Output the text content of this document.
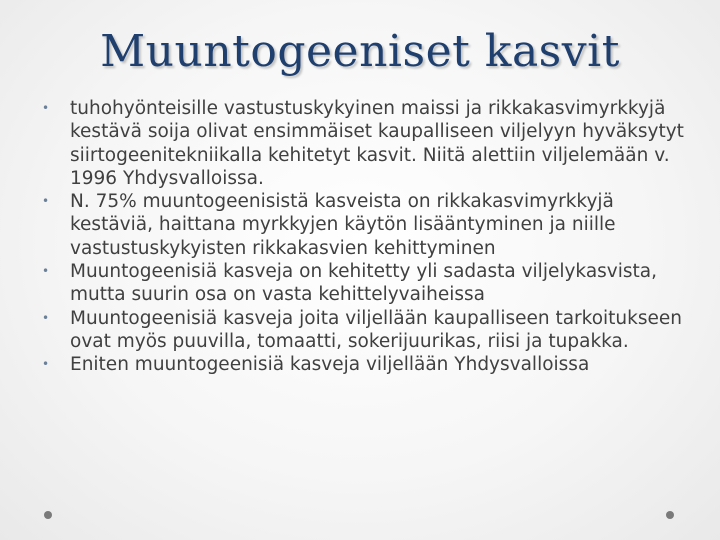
Muuntogeeniset kasvit
• tuhohyönteisille vastustuskykyinen maissi ja rikkakasvimyrkkyjä kestävä soija olivat ensimmäiset kaupalliseen viljelyyn hyväksytyt siirtogeenitekniikalla kehitetyt kasvit. Niitä alettiin viljelemään v. 1996 Yhdysvalloissa.
• N. 75% muuntogeenisistä kasveista on rikkakasvimyrkkyjä kestäviä, haittana myrkkyjen käytön lisääntyminen ja niille vastustuskykyisten rikkakasvien kehittyminen
• Muuntogeenisiä kasveja on kehitetty yli sadasta viljelykasvista, mutta suurin osa on vasta kehittelyvaiheissa
• Muuntogeenisiä kasveja joita viljellään kaupalliseen tarkoitukseen ovat myös puuvilla, tomaatti, sokerijuurikas, riisi ja tupakka.
• Eniten muuntogeenisiä kasveja viljellään Yhdysvalloissa
